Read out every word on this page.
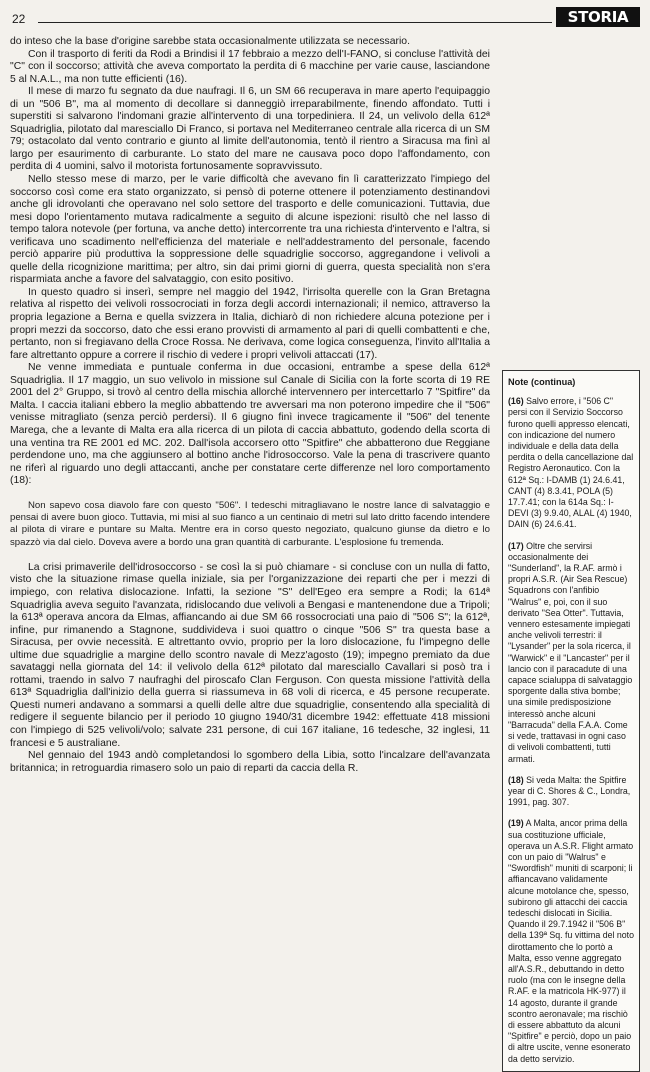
22	STORIA

do inteso che la base d'origine sarebbe stata occasionalmente utilizzata se necessario.

Con il trasporto di feriti da Rodi a Brindisi il 17 febbraio a mezzo dell'I-FANO, si concluse l'attività dei "C" con il soccorso; attività che aveva comportato la perdita di 6 macchine per varie cause, lasciandone 5 al N.A.L., ma non tutte efficienti (16).

Il mese di marzo fu segnato da due naufragi. Il 6, un SM 66 recuperava in mare aperto l'equipaggio di un "506 B", ma al momento di decollare si danneggiò irreparabilmente, finendo affondato. Tutti i superstiti si salvarono l'indomani grazie all'intervento di una torpediniera. Il 24, un velivolo della 612ª Squadriglia, pilotato dal maresciallo Di Franco, si portava nel Mediterraneo centrale alla ricerca di un SM 79; ostacolato dal vento contrario e giunto al limite dell'autonomia, tentò il rientro a Siracusa ma finì al largo per esaurimento di carburante. Lo stato del mare ne causava poco dopo l'affondamento, con perdita di 4 uomini, salvo il motorista fortunosamente sopravvissuto.

Nello stesso mese di marzo, per le varie difficoltà che avevano fin lì caratterizzato l'impiego del soccorso così come era stato organizzato, si pensò di poterne ottenere il potenziamento destinandovi anche gli idrovolanti che operavano nel solo settore del trasporto e delle comunicazioni. Tuttavia, due mesi dopo l'orientamento mutava radicalmente a seguito di alcune ispezioni: risultò che nel lasso di tempo talora notevole (per fortuna, va anche detto) intercorrente tra una richiesta d'intervento e l'altra, si verificava uno scadimento nell'efficienza del materiale e nell'addestramento del personale, facendo perciò apparire più produttiva la soppressione delle squadriglie soccorso, aggregandone i velivoli a quelle della ricognizione marittima; per altro, sin dai primi giorni di guerra, questa specialità non s'era risparmiata anche a favore del salvataggio, con esito positivo.

In questo quadro si inserì, sempre nel maggio del 1942, l'irrisolta querelle con la Gran Bretagna relativa al rispetto dei velivoli rossocrociati in forza degli accordi internazionali; il nemico, attraverso la propria legazione a Berna e quella svizzera in Italia, dichiarò di non richiedere alcuna potezione per i propri mezzi da soccorso, dato che essi erano provvisti di armamento al pari di quelli combattenti e che, pertanto, non si fregiavano della Croce Rossa. Ne derivava, come logica conseguenza, l'invito all'Italia a fare altrettanto oppure a correre il rischio di vedere i propri velivoli attaccati (17).

Ne venne immediata e puntuale conferma in due occasioni, entrambe a spese della 612ª Squadriglia. Il 17 maggio, un suo velivolo in missione sul Canale di Sicilia con la forte scorta di 19 RE 2001 del 2° Gruppo, si trovò al centro della mischia allorché intervennero per intercettarlo 7 "Spitfire" da Malta. I caccia italiani ebbero la meglio abbattendo tre avversari ma non poterono impedire che il "506" venisse mitragliato (senza perciò perdersi). Il 6 giugno finì invece tragicamente il "506" del tenente Marega, che a levante di Malta era alla ricerca di un pilota di caccia abbattuto, godendo della scorta di una ventina tra RE 2001 ed MC. 202. Dall'isola accorsero otto "Spitfire" che abbatterono due Reggiane perdendone uno, ma che aggiunsero al bottino anche l'idrosoccorso. Vale la pena di trascrivere quanto ne riferì al riguardo uno degli attaccanti, anche per constatare certe differenze nel loro comportamento (18):

Non sapevo cosa diavolo fare con questo "506". I tedeschi mitragliavano le nostre lance di salvataggio e pensai di avere buon gioco. Tuttavia, mi misi al suo fianco a un centinaio di metri sul lato dritto facendo intendere al pilota di virare e puntare su Malta. Mentre era in corso questo negoziato, qualcuno giunse da dietro e lo spazzò via dal cielo. Doveva avere a bordo una gran quantità di carburante. L'esplosione fu tremenda.

La crisi primaverile dell'idrosoccorso - se così la si può chiamare - si concluse con un nulla di fatto, visto che la situazione rimase quella iniziale, sia per l'organizzazione dei reparti che per i mezzi di impiego, con relativa dislocazione. Infatti, la sezione "S" dell'Egeo era sempre a Rodi; la 614ª Squadriglia aveva seguito l'avanzata, ridislocando due velivoli a Bengasi e mantenendone due a Tripoli; la 613ª operava ancora da Elmas, affiancando ai due SM 66 rossocrociati una paio di "506 S"; la 612ª, infine, pur rimanendo a Stagnone, suddivideva i suoi quattro o cinque "506 S" tra questa base a Siracusa, per ovvie necessità. E altrettanto ovvio, proprio per la loro dislocazione, fu l'impegno delle ultime due squadriglie a margine dello scontro navale di Mezz'agosto (19); impegno premiato da due savataggi nella giornata del 14: il velivolo della 612ª pilotato dal maresciallo Cavallari si posò tra i rottami, traendo in salvo 7 naufraghi del piroscafo Clan Ferguson. Con questa missione l'attività della 613ª Squadriglia dall'inizio della guerra si riassumeva in 68 voli di ricerca, e 45 persone recuperate. Questi numeri andavano a sommarsi a quelli delle altre due squadriglie, consentendo alla specialità di redigere il seguente bilancio per il periodo 10 giugno 1940/31 dicembre 1942: effettuate 418 missioni con l'impiego di 525 velivoli/volo; salvate 231 persone, di cui 167 italiane, 16 tedesche, 32 inglesi, 11 francesi e 5 australiane.

Nel gennaio del 1943 andò completandosi lo sgombero della Libia, sotto l'incalzare dell'avanzata britannica; in retroguardia rimasero solo un paio di reparti da caccia della R.

Note (continua)
(16) Salvo errore, i "506 C" persi con il Servizio Soccorso furono quelli appresso elencati, con indicazione del numero individuale e della data della perdita o della cancellazione dal Registro Aeronautico. Con la 612ª Sq.: I-DAMB (1) 24.6.41, CANT (4) 8.3.41, POLA (5) 17.7.41; con la 614a Sq.: I-DEVI (3) 9.9.40, ALAL (4) 1940, DAIN (6) 24.6.41.
(17) Oltre che servirsi occasionalmente dei "Sunderland", la R.AF. armò i propri A.S.R. (Air Sea Rescue) Squadrons con l'anfibio "Walrus" e, poi, con il suo derivato "Sea Otter". Tuttavia, vennero estesamente impiegati anche velivoli terrestri: il "Lysander" per la sola ricerca, il "Warwick" e il "Lancaster" per il lancio con il paracadute di una capace scialuppa di salvataggio sporgente dalla stiva bombe; una simile predisposizione interessò anche alcuni "Barracuda" della F.A.A. Come si vede, trattavasi in ogni caso di velivoli combattenti, tutti armati.
(18) Si veda Malta: the Spitfire year di C. Shores & C., Londra, 1991, pag. 307.
(19) A Malta, ancor prima della sua costituzione ufficiale, operava un A.S.R. Flight armato con un paio di "Walrus" e "Swordfish" muniti di scarponi; li affiancavano validamente alcune motolance che, spesso, subirono gli attacchi dei caccia tedeschi dislocati in Sicilia. Quando il 29.7.1942 il "506 B" della 139ª Sq. fu vittima del noto dirottamento che lo portò a Malta, esso venne aggregato all'A.S.R., debuttando in detto ruolo (ma con le insegne della R.AF. e la matricola HK-977) il 14 agosto, durante il grande scontro aeronavale; ma rischiò di essere abbattuto da alcuni "Spitfire" e perciò, dopo un paio di altre uscite, venne esonerato da detto servizio.
